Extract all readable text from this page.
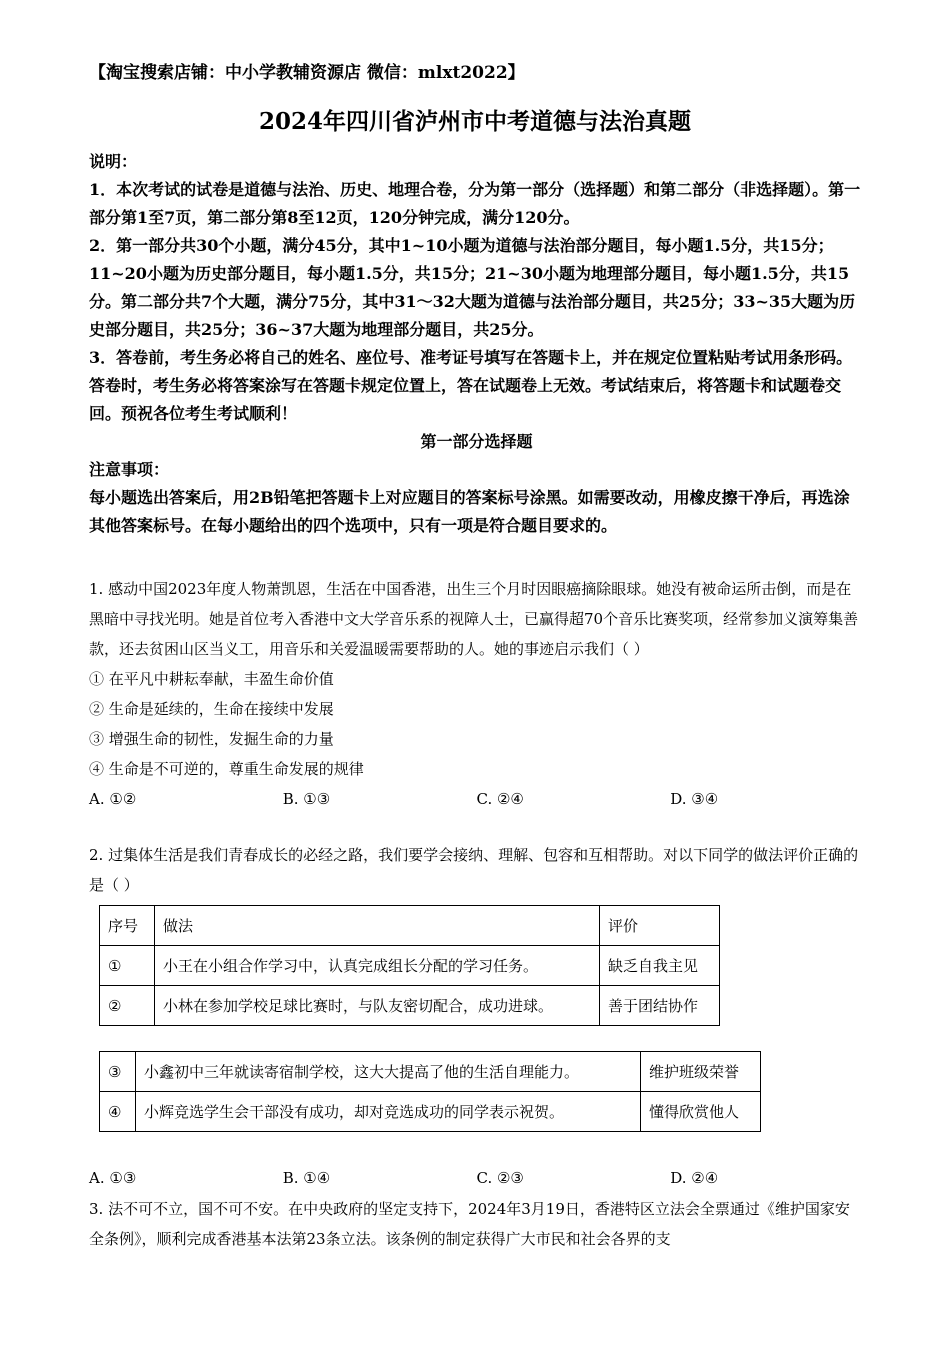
【淘宝搜索店铺：中小学教辅资源店 微信：mlxt2022】
2024年四川省泸州市中考道德与法治真题

说明：

1．本次考试的试卷是道德与法治、历史、地理合卷，分为第一部分（选择题）和第二部分（非选择题）。第一部分第1至7页，第二部分第8至12页，120分钟完成，满分120分。

2．第一部分共30个小题，满分45分，其中1~10小题为道德与法治部分题目，每小题1.5分，共15分；11~20小题为历史部分题目，每小题1.5分，共15分；21~30小题为地理部分题目，每小题1.5分，共15分。第二部分共7个大题，满分75分，其中31～32大题为道德与法治部分题目，共25分；33~35大题为历史部分题目，共25分；36~37大题为地理部分题目，共25分。

3．答卷前，考生务必将自己的姓名、座位号、准考证号填写在答题卡上，并在规定位置粘贴考试用条形码。答卷时，考生务必将答案涂写在答题卡规定位置上，答在试题卷上无效。考试结束后，将答题卡和试题卷交回。预祝各位考生考试顺利！

第一部分选择题

注意事项：

每小题选出答案后，用2B铅笔把答题卡上对应题目的答案标号涂黑。如需要改动，用橡皮擦干净后，再选涂其他答案标号。在每小题给出的四个选项中，只有一项是符合题目要求的。

1. 感动中国2023年度人物萧凯恩，生活在中国香港，出生三个月时因眼癌摘除眼球。她没有被命运所击倒，而是在黑暗中寻找光明。她是首位考入香港中文大学音乐系的视障人士，已赢得超70个音乐比赛奖项，经常参加义演筹集善款，还去贫困山区当义工，用音乐和关爱温暖需要帮助的人。她的事迹启示我们（ ）

① 在平凡中耕耘奉献，丰盈生命价值

② 生命是延续的，生命在接续中发展

③ 增强生命的韧性，发掘生命的力量

④ 生命是不可逆的，尊重生命发展的规律

A. ①②	B. ①③	C. ②④	D. ③④
2. 过集体生活是我们青春成长的必经之路，我们要学会接纳、理解、包容和互相帮助。对以下同学的做法评价正确的是（ ）
序号	做法	评价
①	小王在小组合作学习中，认真完成组长分配的学习任务。	缺乏自我主见
②	小林在参加学校足球比赛时，与队友密切配合，成功进球。	善于团结协作
③	小鑫初中三年就读寄宿制学校，这大大提高了他的生活自理能力。	维护班级荣誉
④	小辉竞选学生会干部没有成功，却对竞选成功的同学表示祝贺。	懂得欣赏他人
A. ①③	B. ①④	C. ②③	D. ②④
3. 法不可不立，国不可不安。在中央政府的坚定支持下，2024年3月19日，香港特区立法会全票通过《维护国家安全条例》，顺利完成香港基本法第23条立法。该条例的制定获得广大市民和社会各界的支
